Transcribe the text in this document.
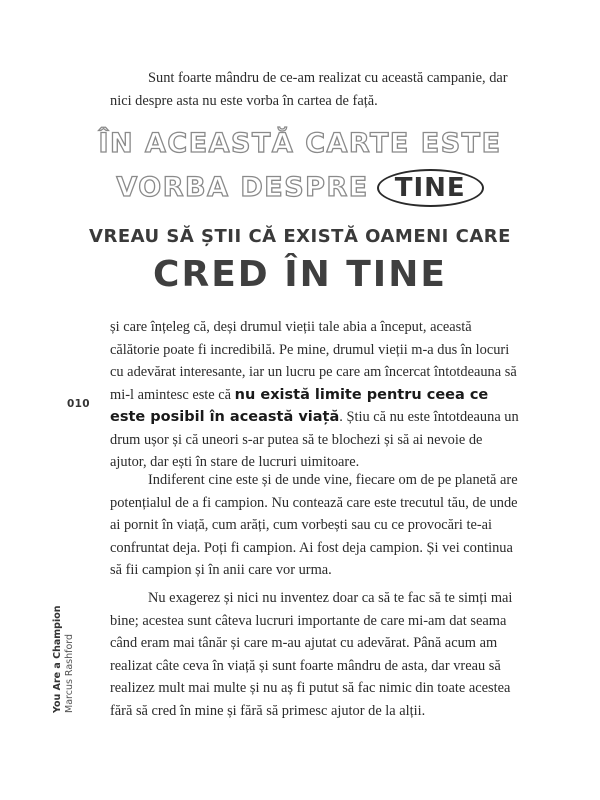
Sunt foarte mândru de ce-am realizat cu această campanie, dar nici despre asta nu este vorba în cartea de față.

ÎN ACEASTĂ CARTE ESTE
VORBA DESPRE TINE
VREAU SĂ ȘTII CĂ EXISTĂ OAMENI CARE
CRED ÎN TINE

și care înțeleg că, deși drumul vieții tale abia a început, această călătorie poate fi incredibilă. Pe mine, drumul vieții m-a dus în locuri cu adevărat interesante, iar un lucru pe care am încercat întotdeauna să mi-l amintesc este că nu există limite pentru ceea ce este posibil în această viață. Știu că nu este întotdeauna un drum ușor și că uneori s-ar putea să te blochezi și să ai nevoie de ajutor, dar ești în stare de lucruri uimitoare.

Indiferent cine este și de unde vine, fiecare om de pe planetă are potențialul de a fi campion. Nu contează care este trecutul tău, de unde ai pornit în viață, cum arăți, cum vorbești sau cu ce provocări te-ai confruntat deja. Poți fi campion. Ai fost deja campion. Și vei continua să fii campion și în anii care vor urma.

Nu exagerez și nici nu inventez doar ca să te fac să te simți mai bine; acestea sunt câteva lucruri importante de care mi-am dat seama când eram mai tânăr și care m-au ajutat cu adevărat. Până acum am realizat câte ceva în viață și sunt foarte mândru de asta, dar vreau să realizez mult mai multe și nu aș fi putut să fac nimic din toate acestea fără să cred în mine și fără să primesc ajutor de la alții.

010
You Are a Champion Marcus Rashford
